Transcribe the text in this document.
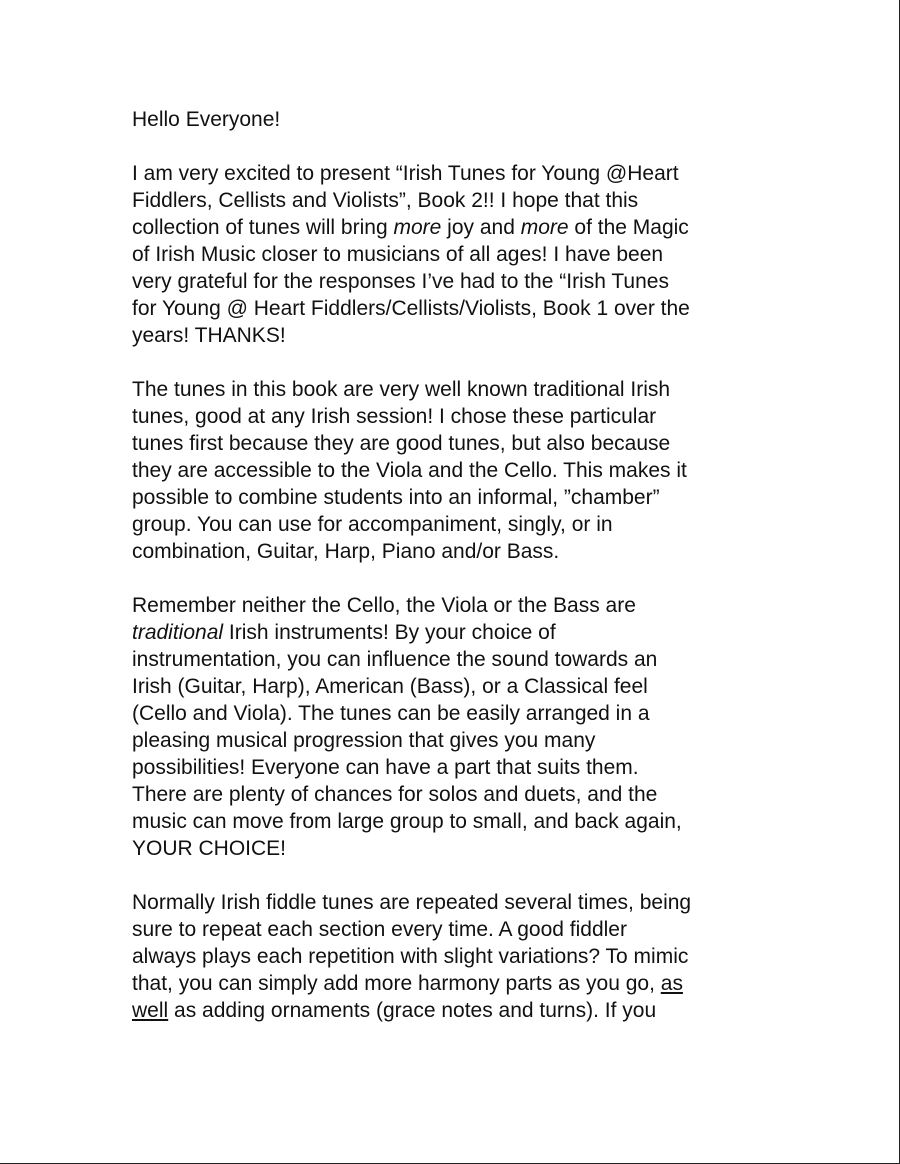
Hello Everyone!
I am very excited to present “Irish Tunes for Young @Heart
Fiddlers, Cellists and Violists”, Book 2!! I hope that this
collection of tunes will bring more joy and more of the Magic
of Irish Music closer to musicians of all ages! I have been
very grateful for the responses I’ve had to the “Irish Tunes
for Young @ Heart Fiddlers/Cellists/Violists, Book 1 over the
years! THANKS!
The tunes in this book are very well known traditional Irish
tunes, good at any Irish session! I chose these particular
tunes first because they are good tunes, but also because
they are accessible to the Viola and the Cello. This makes it
possible to combine students into an informal, ”chamber”
group. You can use for accompaniment, singly, or in
combination, Guitar, Harp, Piano and/or Bass.
Remember neither the Cello, the Viola or the Bass are
traditional Irish instruments! By your choice of
instrumentation, you can influence the sound towards an
Irish (Guitar, Harp), American (Bass), or a Classical feel
(Cello and Viola). The tunes can be easily arranged in a
pleasing musical progression that gives you many
possibilities! Everyone can have a part that suits them.
There are plenty of chances for solos and duets, and the
music can move from large group to small, and back again,
YOUR CHOICE!
Normally Irish fiddle tunes are repeated several times, being
sure to repeat each section every time. A good fiddler
always plays each repetition with slight variations? To mimic
that, you can simply add more harmony parts as you go, as
well as adding ornaments (grace notes and turns). If you
